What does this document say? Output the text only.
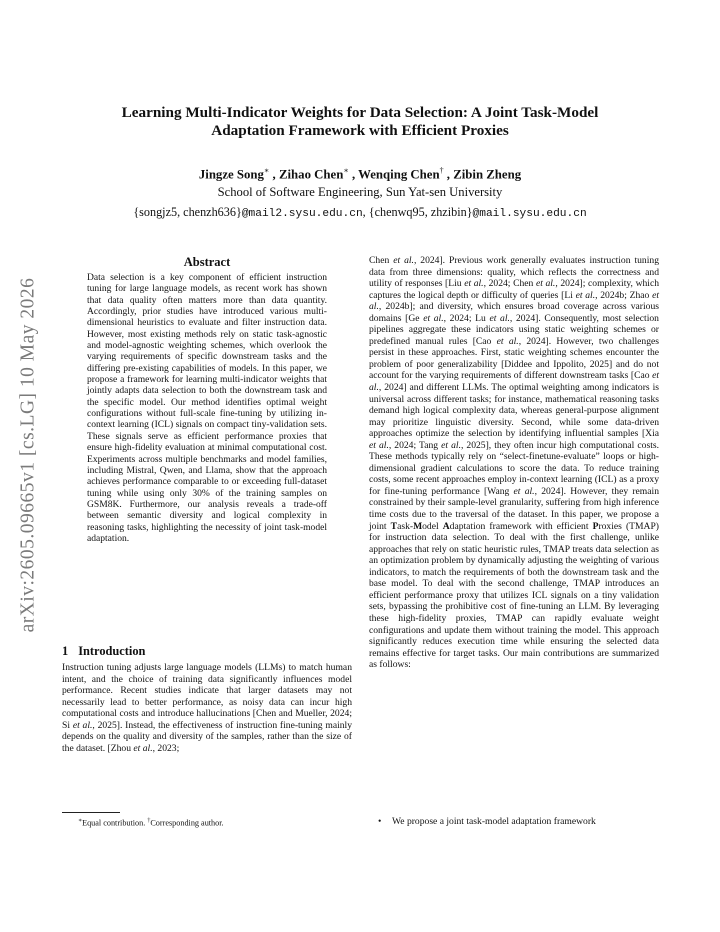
arXiv:2605.09665v1 [cs.LG] 10 May 2026
Learning Multi-Indicator Weights for Data Selection: A Joint Task-Model
Adaptation Framework with Efficient Proxies
Jingze Song∗ , Zihao Chen∗ , Wenqing Chen† , Zibin Zheng
School of Software Engineering, Sun Yat-sen University
{songjz5, chenzh636}@mail2.sysu.edu.cn, {chenwq95, zhzibin}@mail.sysu.edu.cn
Abstract
Data selection is a key component of efficient instruction tuning for large language models, as recent work has shown that data quality often matters more than data quantity. Accordingly, prior studies have introduced various multi-dimensional heuristics to evaluate and filter instruction data. However, most existing methods rely on static task-agnostic and model-agnostic weighting schemes, which overlook the varying requirements of specific downstream tasks and the differing pre-existing capabilities of models. In this paper, we propose a framework for learning multi-indicator weights that jointly adapts data selection to both the downstream task and the specific model. Our method identifies optimal weight configurations without full-scale fine-tuning by utilizing in-context learning (ICL) signals on compact tiny-validation sets. These signals serve as efficient performance proxies that ensure high-fidelity evaluation at minimal computational cost. Experiments across multiple benchmarks and model families, including Mistral, Qwen, and Llama, show that the approach achieves performance comparable to or exceeding full-dataset tuning while using only 30% of the training samples on GSM8K. Furthermore, our analysis reveals a trade-off between semantic diversity and logical complexity in reasoning tasks, highlighting the necessity of joint task-model adaptation.
1 Introduction
Instruction tuning adjusts large language models (LLMs) to match human intent, and the choice of training data significantly influences model performance. Recent studies indicate that larger datasets may not necessarily lead to better performance, as noisy data can incur high computational costs and introduce hallucinations [Chen and Mueller, 2024; Si et al., 2025]. Instead, the effectiveness of instruction fine-tuning mainly depends on the quality and diversity of the samples, rather than the size of the dataset. [Zhou et al., 2023;
∗Equal contribution. †Corresponding author.
Chen et al., 2024]. Previous work generally evaluates instruction tuning data from three dimensions: quality, which reflects the correctness and utility of responses [Liu et al., 2024; Chen et al., 2024]; complexity, which captures the logical depth or difficulty of queries [Li et al., 2024b; Zhao et al., 2024b]; and diversity, which ensures broad coverage across various domains [Ge et al., 2024; Lu et al., 2024]. Consequently, most selection pipelines aggregate these indicators using static weighting schemes or predefined manual rules [Cao et al., 2024]. However, two challenges persist in these approaches. First, static weighting schemes encounter the problem of poor generalizability [Diddee and Ippolito, 2025] and do not account for the varying requirements of different downstream tasks [Cao et al., 2024] and different LLMs. The optimal weighting among indicators is universal across different tasks; for instance, mathematical reasoning tasks demand high logical complexity data, whereas general-purpose alignment may prioritize linguistic diversity. Second, while some data-driven approaches optimize the selection by identifying influential samples [Xia et al., 2024; Tang et al., 2025], they often incur high computational costs. These methods typically rely on “select-finetune-evaluate” loops or high-dimensional gradient calculations to score the data. To reduce training costs, some recent approaches employ in-context learning (ICL) as a proxy for fine-tuning performance [Wang et al., 2024]. However, they remain constrained by their sample-level granularity, suffering from high inference time costs due to the traversal of the dataset. In this paper, we propose a joint Task-Model Adaptation framework with efficient Proxies (TMAP) for instruction data selection. To deal with the first challenge, unlike approaches that rely on static heuristic rules, TMAP treats data selection as an optimization problem by dynamically adjusting the weighting of various indicators, to match the requirements of both the downstream task and the base model. To deal with the second challenge, TMAP introduces an efficient performance proxy that utilizes ICL signals on a tiny validation sets, bypassing the prohibitive cost of fine-tuning an LLM. By leveraging these high-fidelity proxies, TMAP can rapidly evaluate weight configurations and update them without training the model. This approach significantly reduces execution time while ensuring the selected data remains effective for target tasks. Our main contributions are summarized as follows:
• We propose a joint task-model adaptation framework
